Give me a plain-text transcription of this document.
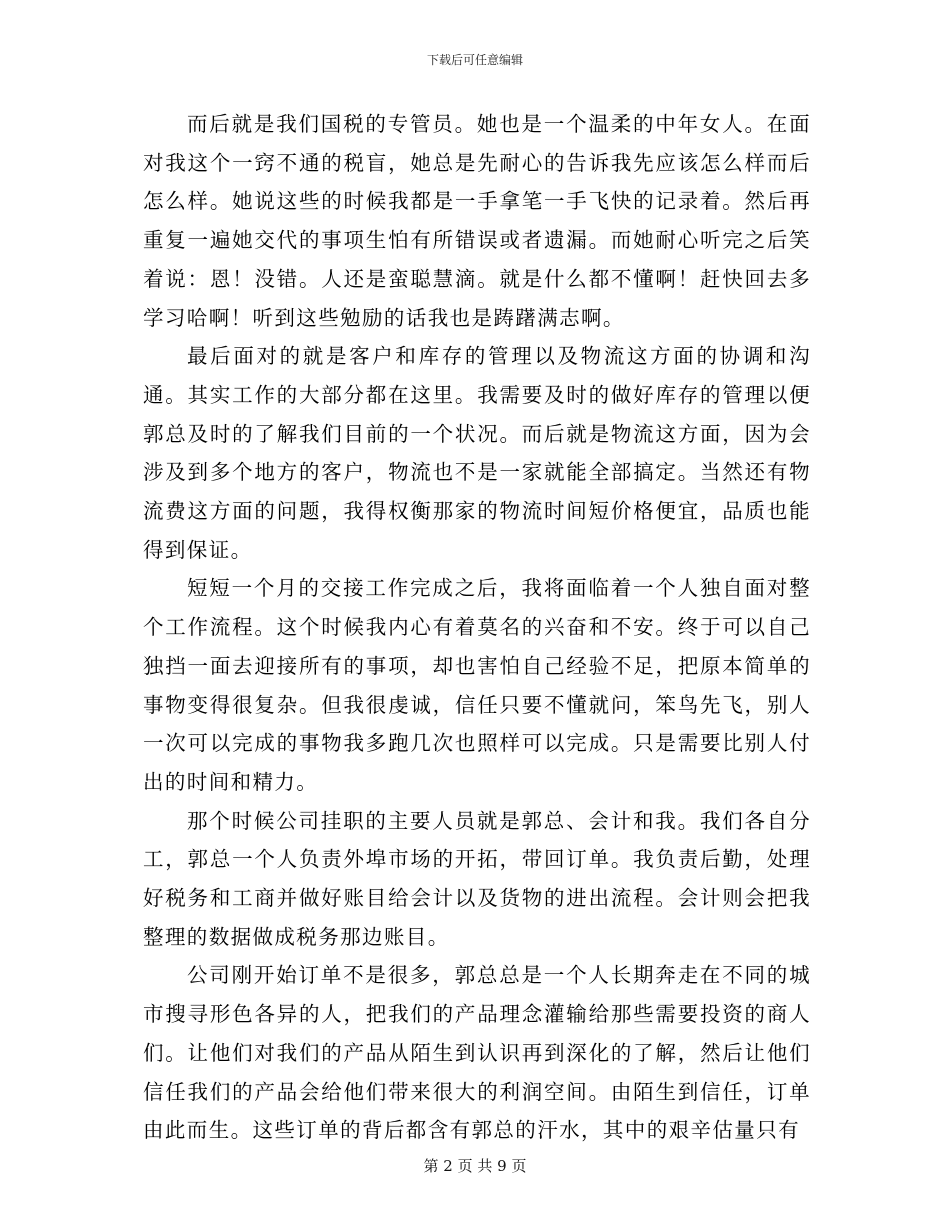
下载后可任意编辑

而后就是我们国税的专管员。她也是一个温柔的中年女人。在面对我这个一窍不通的税盲，她总是先耐心的告诉我先应该怎么样而后怎么样。她说这些的时候我都是一手拿笔一手飞快的记录着。然后再重复一遍她交代的事项生怕有所错误或者遗漏。而她耐心听完之后笑着说：恩！没错。人还是蛮聪慧滴。就是什么都不懂啊！赶快回去多学习哈啊！听到这些勉励的话我也是踌躇满志啊。

最后面对的就是客户和库存的管理以及物流这方面的协调和沟通。其实工作的大部分都在这里。我需要及时的做好库存的管理以便郭总及时的了解我们目前的一个状况。而后就是物流这方面，因为会涉及到多个地方的客户，物流也不是一家就能全部搞定。当然还有物流费这方面的问题，我得权衡那家的物流时间短价格便宜，品质也能得到保证。

短短一个月的交接工作完成之后，我将面临着一个人独自面对整个工作流程。这个时候我内心有着莫名的兴奋和不安。终于可以自己独挡一面去迎接所有的事项，却也害怕自己经验不足，把原本简单的事物变得很复杂。但我很虔诚，信任只要不懂就问，笨鸟先飞，别人一次可以完成的事物我多跑几次也照样可以完成。只是需要比别人付出的时间和精力。

那个时候公司挂职的主要人员就是郭总、会计和我。我们各自分工，郭总一个人负责外埠市场的开拓，带回订单。我负责后勤，处理好税务和工商并做好账目给会计以及货物的进出流程。会计则会把我整理的数据做成税务那边账目。

公司刚开始订单不是很多，郭总总是一个人长期奔走在不同的城市搜寻形色各异的人，把我们的产品理念灌输给那些需要投资的商人们。让他们对我们的产品从陌生到认识再到深化的了解，然后让他们信任我们的产品会给他们带来很大的利润空间。由陌生到信任，订单由此而生。这些订单的背后都含有郭总的汗水，其中的艰辛估量只有

第 2 页 共 9 页
